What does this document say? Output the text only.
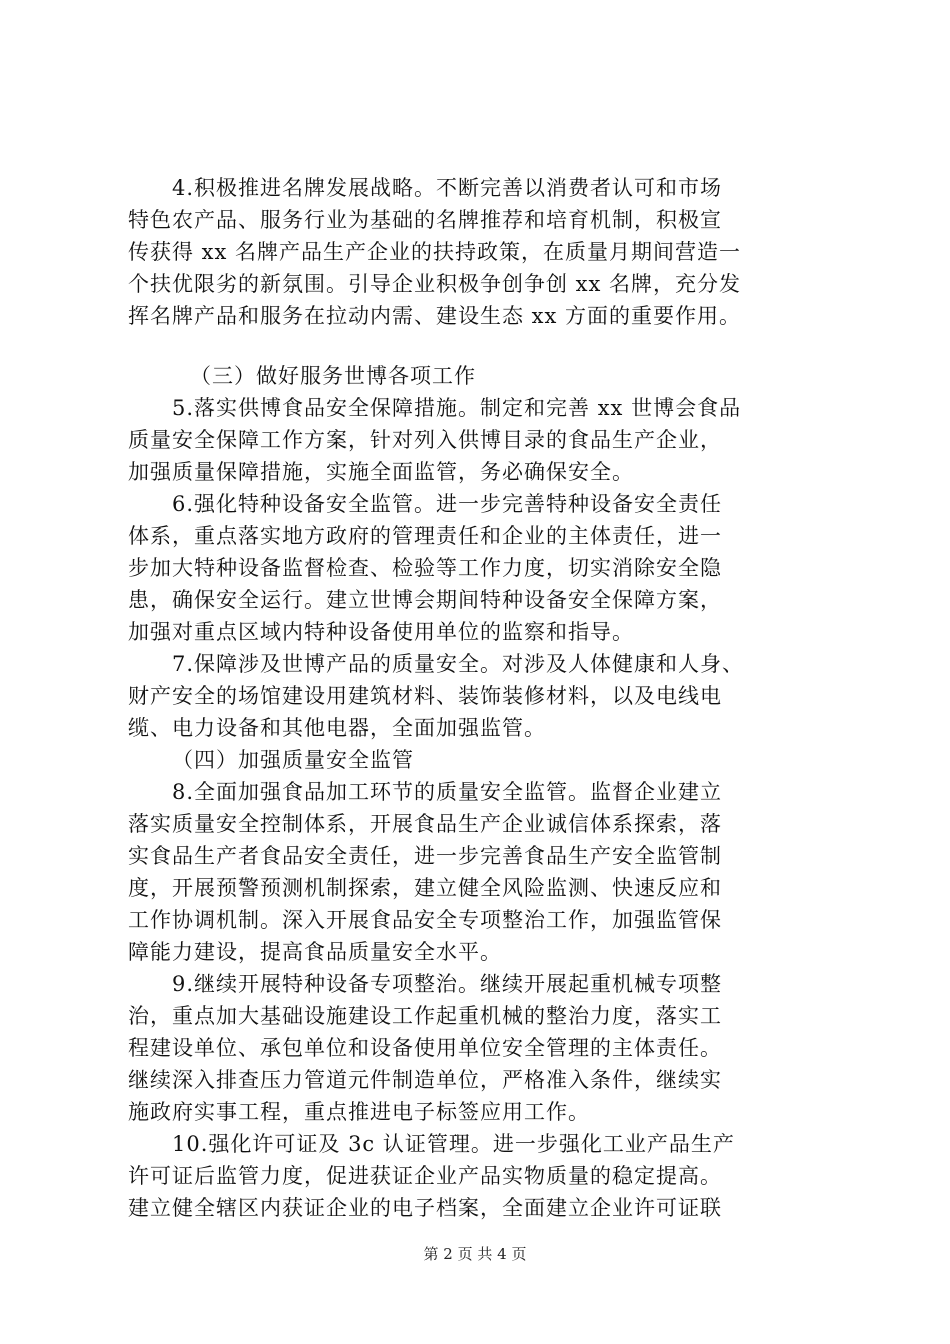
4.积极推进名牌发展战略。不断完善以消费者认可和市场
特色农产品、服务行业为基础的名牌推荐和培育机制，积极宣
传获得 xx 名牌产品生产企业的扶持政策，在质量月期间营造一
个扶优限劣的新氛围。引导企业积极争创争创 xx 名牌，充分发
挥名牌产品和服务在拉动内需、建设生态 xx 方面的重要作用。
（三）做好服务世博各项工作
5.落实供博食品安全保障措施。制定和完善 xx 世博会食品
质量安全保障工作方案，针对列入供博目录的食品生产企业，
加强质量保障措施，实施全面监管，务必确保安全。
6.强化特种设备安全监管。进一步完善特种设备安全责任
体系，重点落实地方政府的管理责任和企业的主体责任，进一
步加大特种设备监督检查、检验等工作力度，切实消除安全隐
患，确保安全运行。建立世博会期间特种设备安全保障方案，
加强对重点区域内特种设备使用单位的监察和指导。
7.保障涉及世博产品的质量安全。对涉及人体健康和人身、
财产安全的场馆建设用建筑材料、装饰装修材料，以及电线电
缆、电力设备和其他电器，全面加强监管。
（四）加强质量安全监管
8.全面加强食品加工环节的质量安全监管。监督企业建立
落实质量安全控制体系，开展食品生产企业诚信体系探索，落
实食品生产者食品安全责任，进一步完善食品生产安全监管制
度，开展预警预测机制探索，建立健全风险监测、快速反应和
工作协调机制。深入开展食品安全专项整治工作，加强监管保
障能力建设，提高食品质量安全水平。
9.继续开展特种设备专项整治。继续开展起重机械专项整
治，重点加大基础设施建设工作起重机械的整治力度，落实工
程建设单位、承包单位和设备使用单位安全管理的主体责任。
继续深入排查压力管道元件制造单位，严格准入条件，继续实
施政府实事工程，重点推进电子标签应用工作。
10.强化许可证及 3c 认证管理。进一步强化工业产品生产
许可证后监管力度，促进获证企业产品实物质量的稳定提高。
建立健全辖区内获证企业的电子档案，全面建立企业许可证联
第 2 页 共 4 页
